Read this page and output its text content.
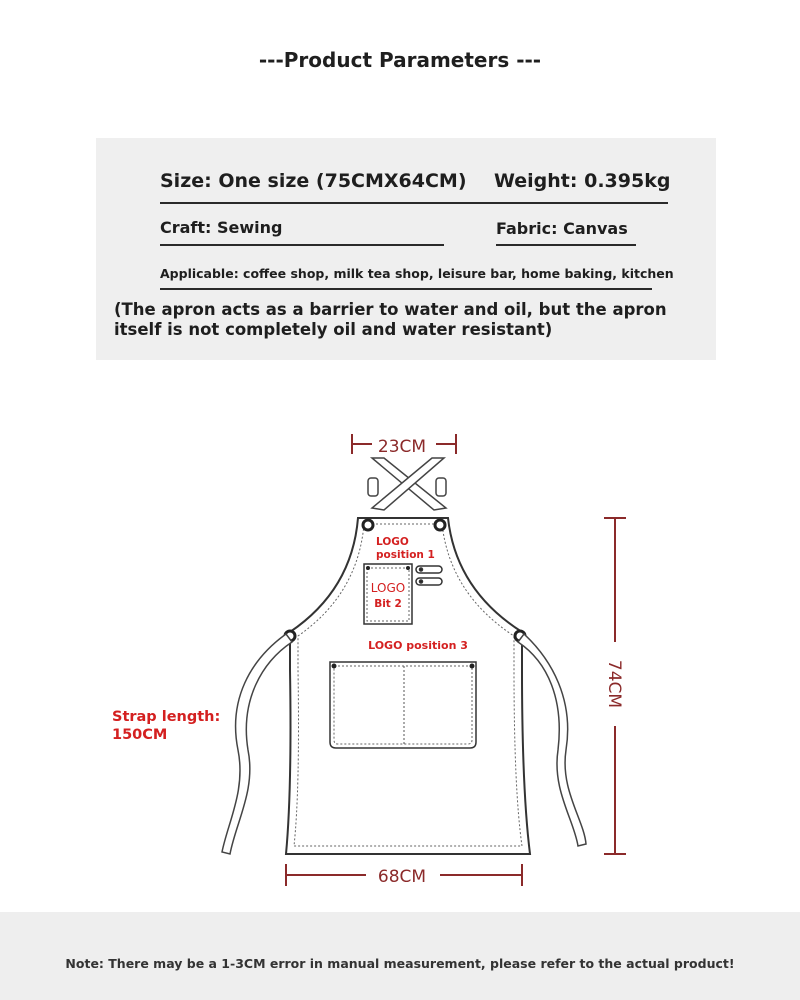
---Product Parameters ---
Size: One size (75CMX64CM) Weight: 0.395kg
Craft: Sewing	Fabric: Canvas
Applicable: coffee shop, milk tea shop, leisure bar, home baking, kitchen
(The apron acts as a barrier to water and oil, but the apron
itself is not completely oil and water resistant)
23CM
LOGO
position 1
LOGO
Bit 2
LOGO position 3
Strap length:
150CM
74CM
68CM
Note: There may be a 1-3CM error in manual measurement, please refer to the actual product!
